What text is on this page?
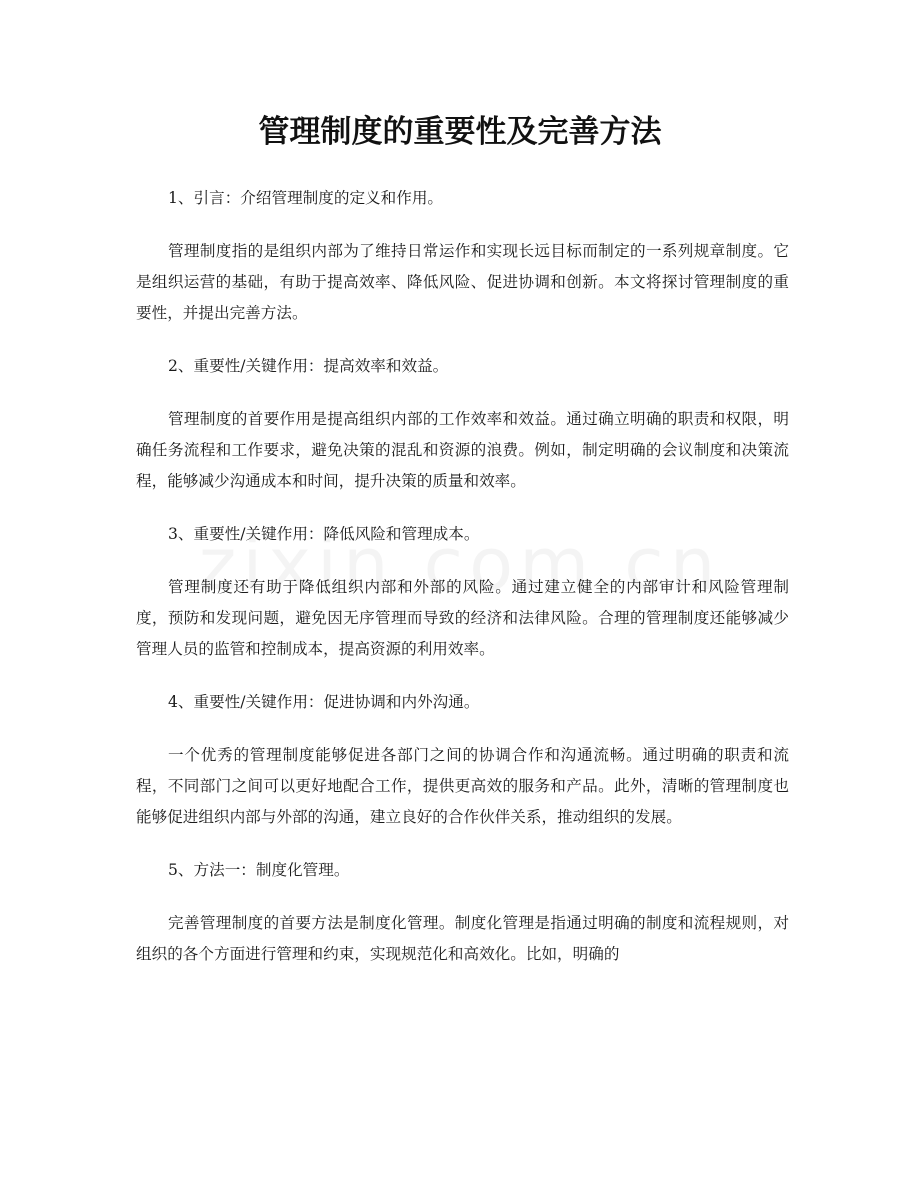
管理制度的重要性及完善方法

1、引言：介绍管理制度的定义和作用。

管理制度指的是组织内部为了维持日常运作和实现长远目标而制定的一系列规章制度。它是组织运营的基础，有助于提高效率、降低风险、促进协调和创新。本文将探讨管理制度的重要性，并提出完善方法。

2、重要性/关键作用：提高效率和效益。

管理制度的首要作用是提高组织内部的工作效率和效益。通过确立明确的职责和权限，明确任务流程和工作要求，避免决策的混乱和资源的浪费。例如，制定明确的会议制度和决策流程，能够减少沟通成本和时间，提升决策的质量和效率。

3、重要性/关键作用：降低风险和管理成本。

管理制度还有助于降低组织内部和外部的风险。通过建立健全的内部审计和风险管理制度，预防和发现问题，避免因无序管理而导致的经济和法律风险。合理的管理制度还能够减少管理人员的监管和控制成本，提高资源的利用效率。

4、重要性/关键作用：促进协调和内外沟通。

一个优秀的管理制度能够促进各部门之间的协调合作和沟通流畅。通过明确的职责和流程，不同部门之间可以更好地配合工作，提供更高效的服务和产品。此外，清晰的管理制度也能够促进组织内部与外部的沟通，建立良好的合作伙伴关系，推动组织的发展。

5、方法一：制度化管理。

完善管理制度的首要方法是制度化管理。制度化管理是指通过明确的制度和流程规则，对组织的各个方面进行管理和约束，实现规范化和高效化。比如，明确的
